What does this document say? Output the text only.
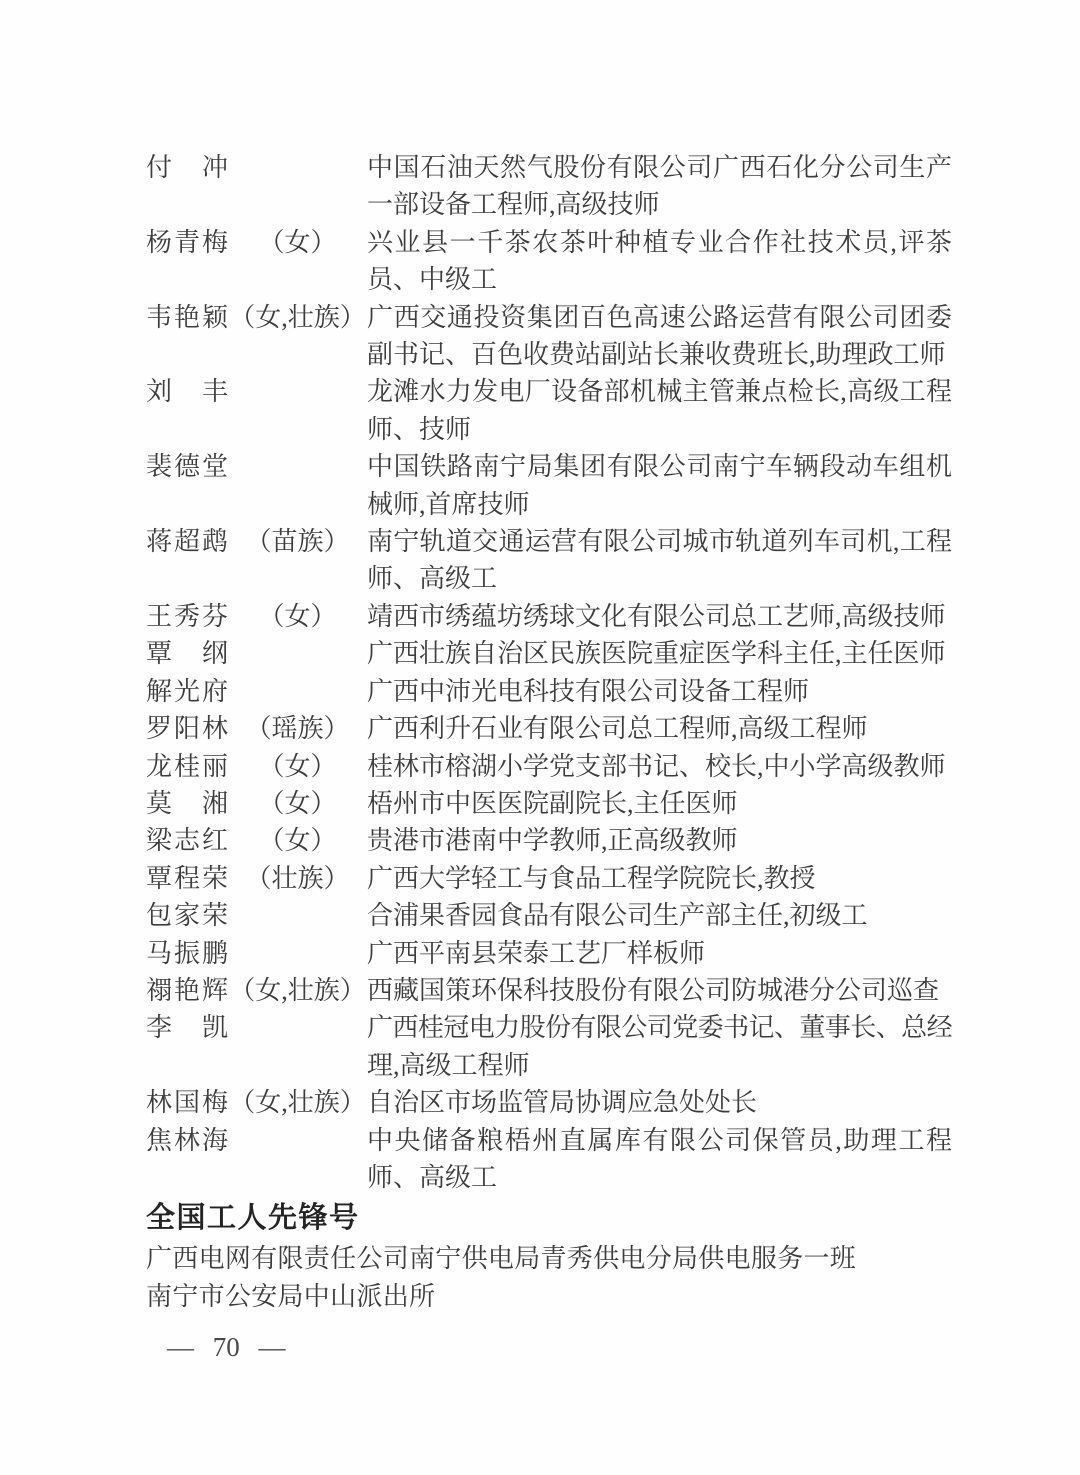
付　冲	中国石油天然气股份有限公司广西石化分公司生产
一部设备工程师,高级技师
杨青梅	（女）	兴业县一千茶农茶叶种植专业合作社技术员,评茶
员、中级工
韦艳颖 （女,壮族） 广西交通投资集团百色高速公路运营有限公司团委
副书记、百色收费站副站长兼收费班长,助理政工师
刘　丰	龙滩水力发电厂设备部机械主管兼点检长,高级工程
师、技师
裴德堂	中国铁路南宁局集团有限公司南宁车辆段动车组机
械师,首席技师
蒋超鹉 （苗族） 南宁轨道交通运营有限公司城市轨道列车司机,工程
师、高级工
王秀芬	（女）	靖西市绣蕴坊绣球文化有限公司总工艺师,高级技师
覃　纲	广西壮族自治区民族医院重症医学科主任,主任医师
解光府	广西中沛光电科技有限公司设备工程师
罗阳林 （瑶族） 广西利升石业有限公司总工程师,高级工程师
龙桂丽	（女）	桂林市榕湖小学党支部书记、校长,中小学高级教师
莫　湘	（女）	梧州市中医医院副院长,主任医师
梁志红	（女）	贵港市港南中学教师,正高级教师
覃程荣 （壮族） 广西大学轻工与食品工程学院院长,教授
包家荣	合浦果香园食品有限公司生产部主任,初级工
马振鹏	广西平南县荣泰工艺厂样板师
禤艳辉 （女,壮族） 西藏国策环保科技股份有限公司防城港分公司巡查
李　凯	广西桂冠电力股份有限公司党委书记、董事长、总经
理,高级工程师
林国梅 （女,壮族） 自治区市场监管局协调应急处处长
焦林海	中央储备粮梧州直属库有限公司保管员,助理工程
师、高级工
全国工人先锋号
广西电网有限责任公司南宁供电局青秀供电分局供电服务一班
南宁市公安局中山派出所
— 70 —
